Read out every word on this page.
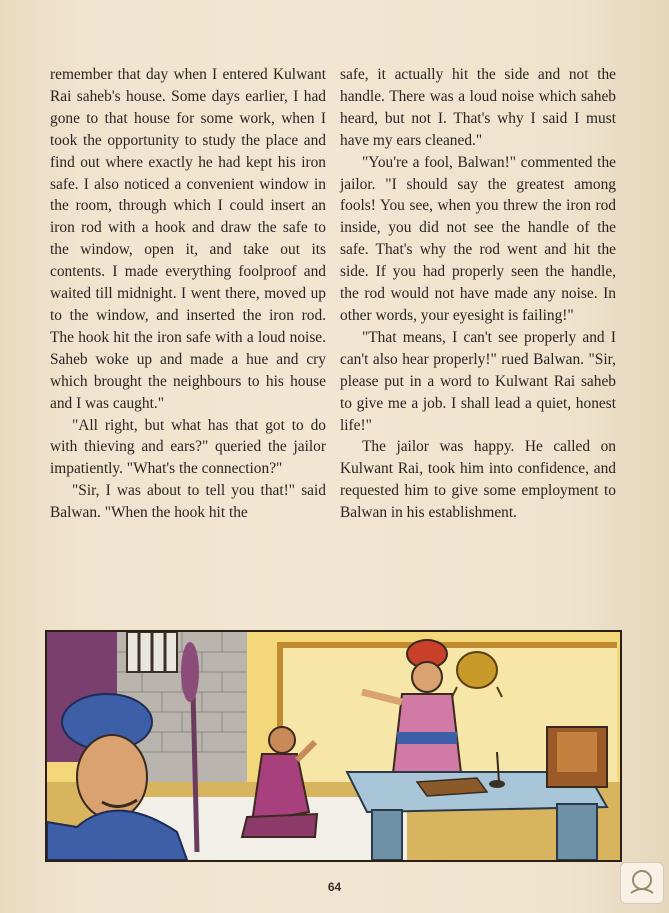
remember that day when I entered Kulwant Rai saheb's house. Some days earlier, I had gone to that house for some work, when I took the opportunity to study the place and find out where exactly he had kept his iron safe. I also noticed a convenient window in the room, through which I could insert an iron rod with a hook and draw the safe to the window, open it, and take out its contents. I made everything foolproof and waited till midnight. I went there, moved up to the window, and inserted the iron rod. The hook hit the iron safe with a loud noise. Saheb woke up and made a hue and cry which brought the neighbours to his house and I was caught."

"All right, but what has that got to do with thieving and ears?" queried the jailor impatiently. "What's the connection?"

"Sir, I was about to tell you that!" said Balwan. "When the hook hit the

safe, it actually hit the side and not the handle. There was a loud noise which saheb heard, but not I. That's why I said I must have my ears cleaned."

"You're a fool, Balwan!" commented the jailor. "I should say the greatest among fools! You see, when you threw the iron rod inside, you did not see the handle of the safe. That's why the rod went and hit the side. If you had properly seen the handle, the rod would not have made any noise. In other words, your eyesight is failing!"

"That means, I can't see properly and I can't also hear properly!" rued Balwan. "Sir, please put in a word to Kulwant Rai saheb to give me a job. I shall lead a quiet, honest life!"

The jailor was happy. He called on Kulwant Rai, took him into confidence, and requested him to give some employment to Balwan in his establishment.

64
